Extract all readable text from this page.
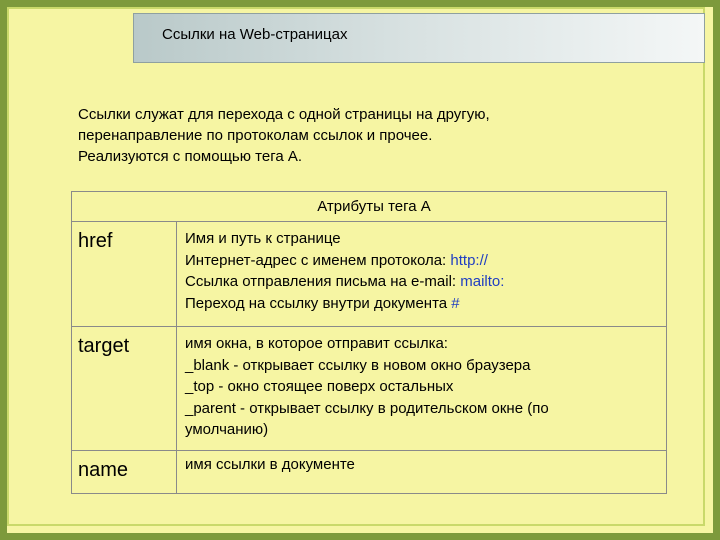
Ссылки на Web-страницах

Ссылки служат для перехода с одной страницы на другую,
перенаправление по протоколам ссылок и прочее.
Реализуются с помощью тега А.

Атрибуты тега А	
href	Имя и путь к странице
Интернет-адрес с именем протокола: http://
Ссылка отправления письма на e-mail: mailto:
Переход на ссылку внутри документа #

target	имя окна, в которое отправит ссылка:
_blank - открывает ссылку в новом окно браузера
_top - окно стоящее поверх остальных
_parent - открывает ссылку в родительском окне (по
умолчанию)

name	имя ссылки в документе
